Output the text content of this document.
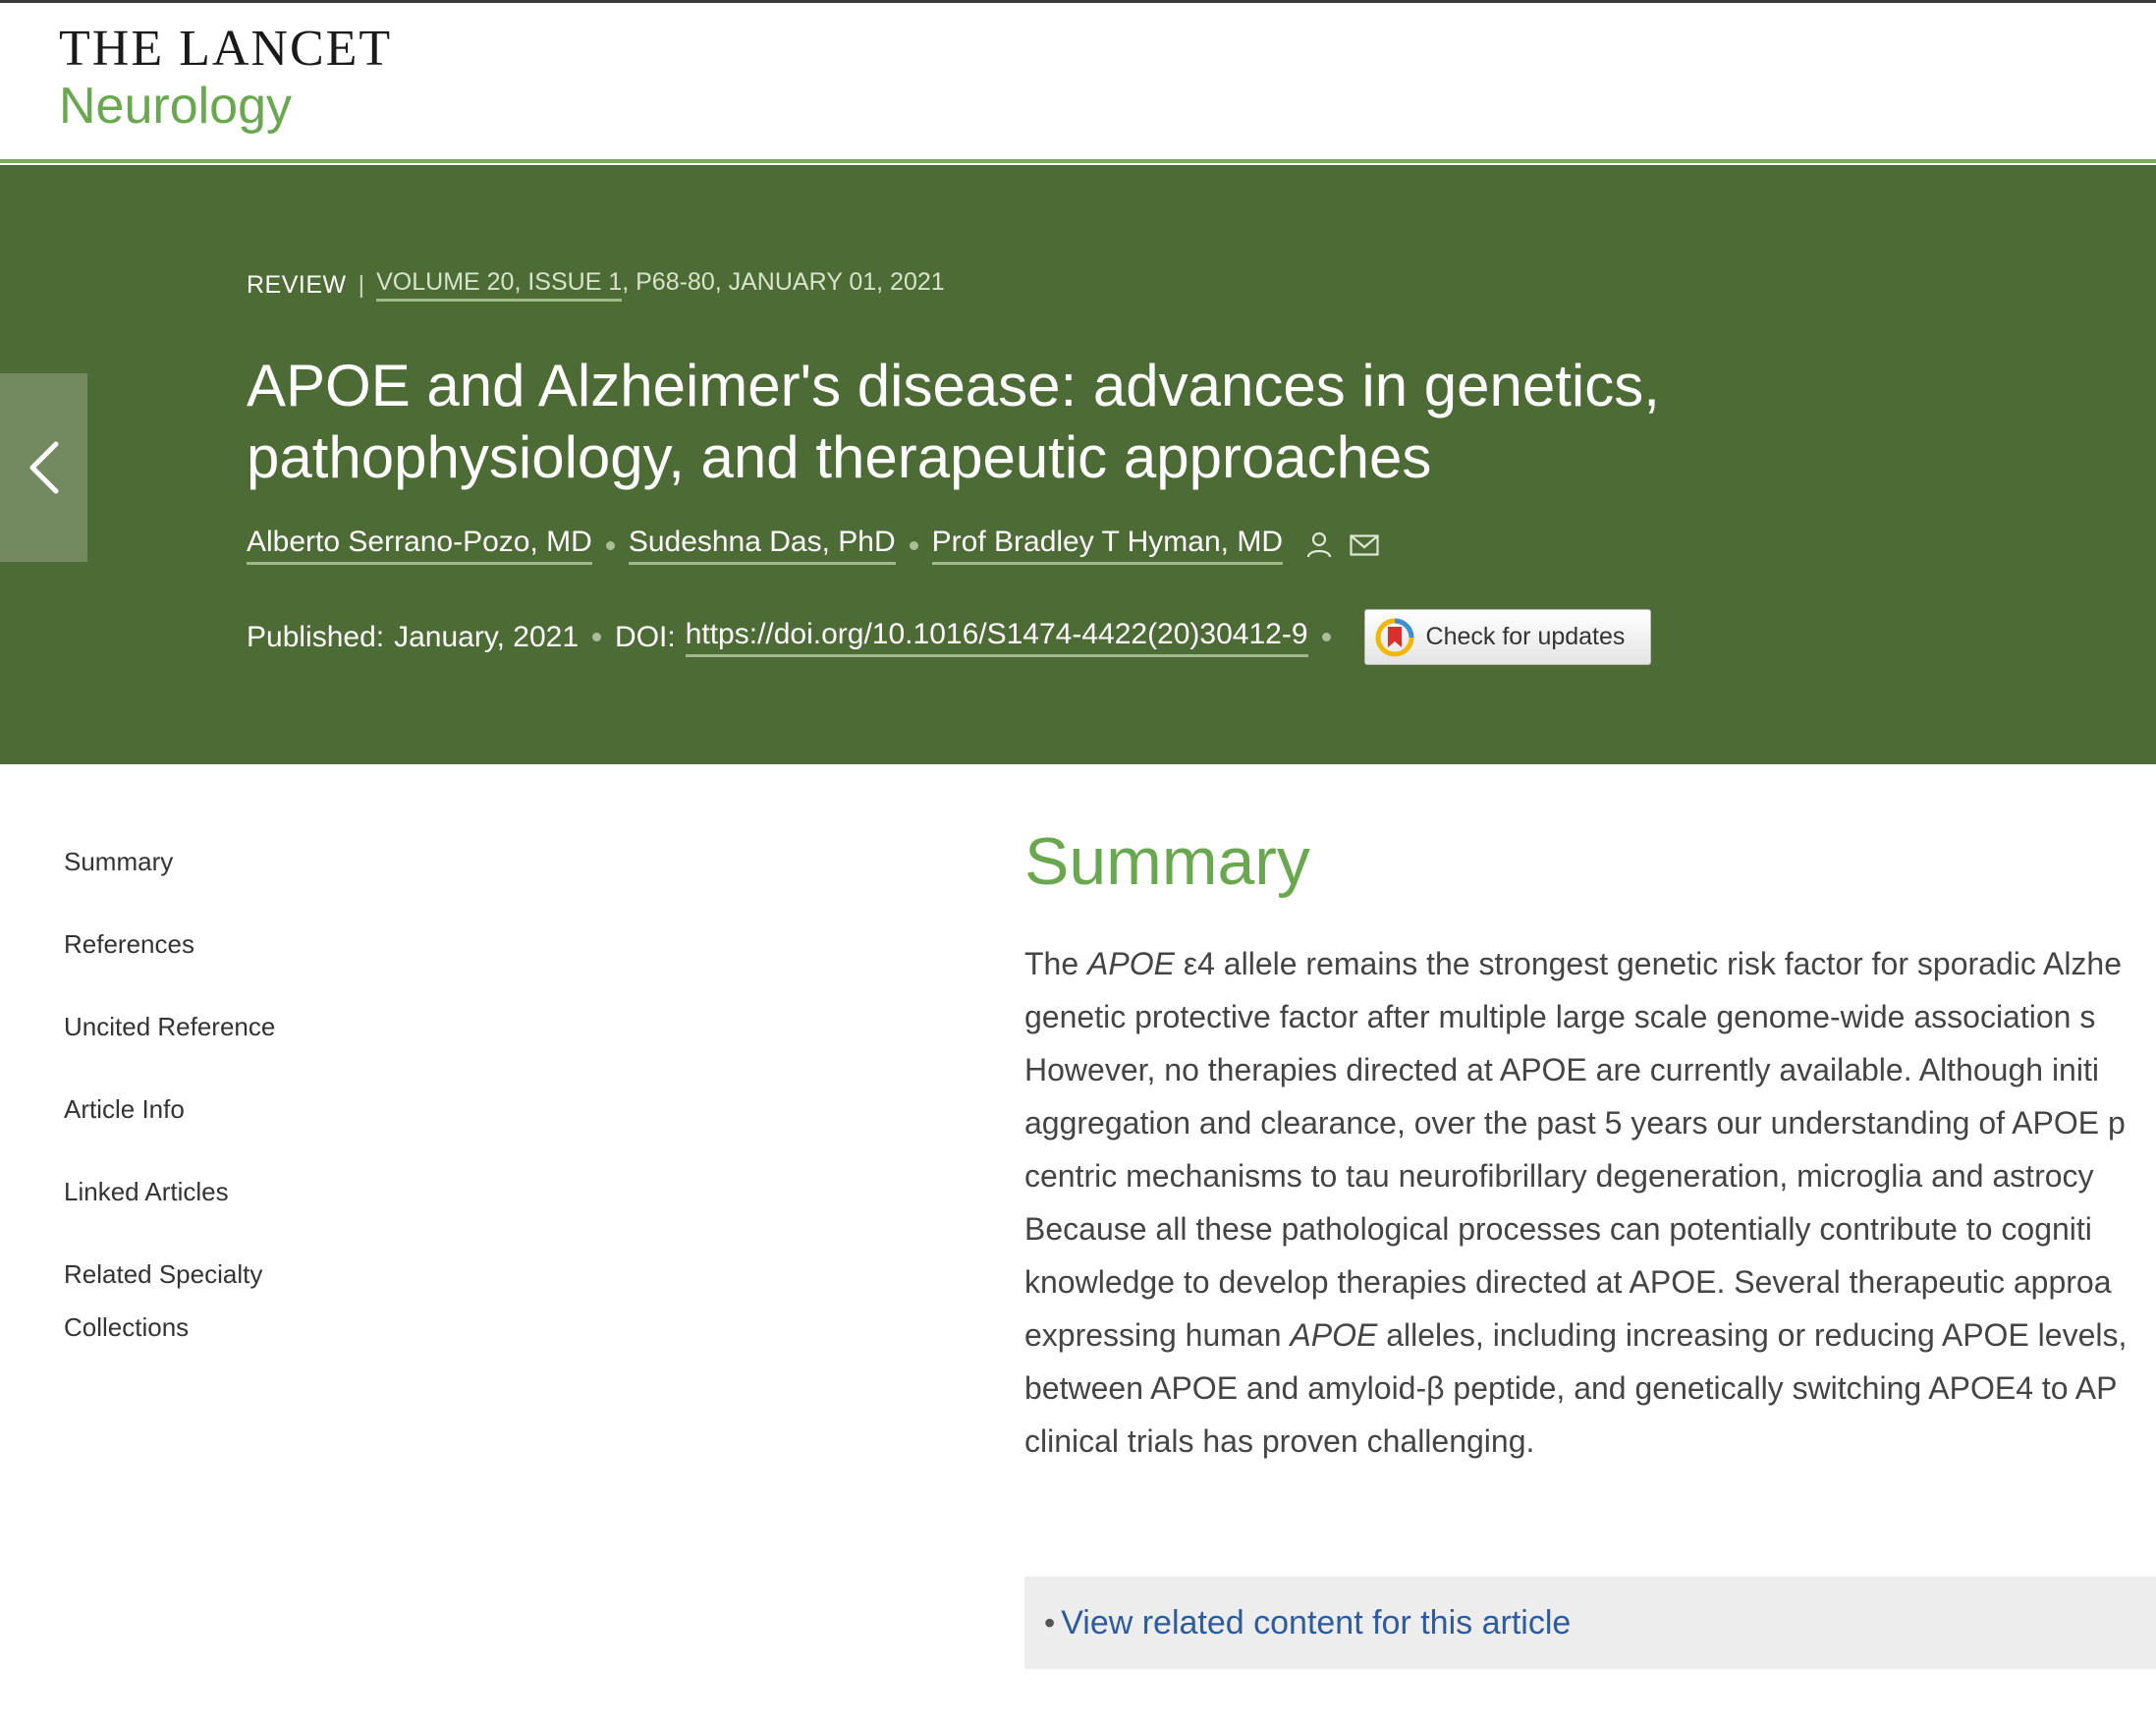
THE LANCET
Neurology
REVIEW | VOLUME 20, ISSUE 1 , P68-80, JANUARY 01, 2021
APOE and Alzheimer's disease: advances in genetics, pathophysiology, and therapeutic approaches
Alberto Serrano-Pozo, MD Sudeshna Das, PhD Prof Bradley T Hyman, MD
Published: January, 2021 DOI: https://doi.org/10.1016/S1474-4422(20)30412-9	Check for updates
Summary
References
Uncited Reference
Article Info
Linked Articles
Related Specialty
Collections
Summary
The APOE ε4 allele remains the strongest genetic risk factor for sporadic Alzhe
genetic protective factor after multiple large scale genome-wide association s
However, no therapies directed at APOE are currently available. Although initi
aggregation and clearance, over the past 5 years our understanding of APOE p
centric mechanisms to tau neurofibrillary degeneration, microglia and astrocy
Because all these pathological processes can potentially contribute to cogniti
knowledge to develop therapies directed at APOE. Several therapeutic approa
expressing human APOE alleles, including increasing or reducing APOE levels,
between APOE and amyloid-β peptide, and genetically switching APOE4 to AP
clinical trials has proven challenging.
• View related content for this article
